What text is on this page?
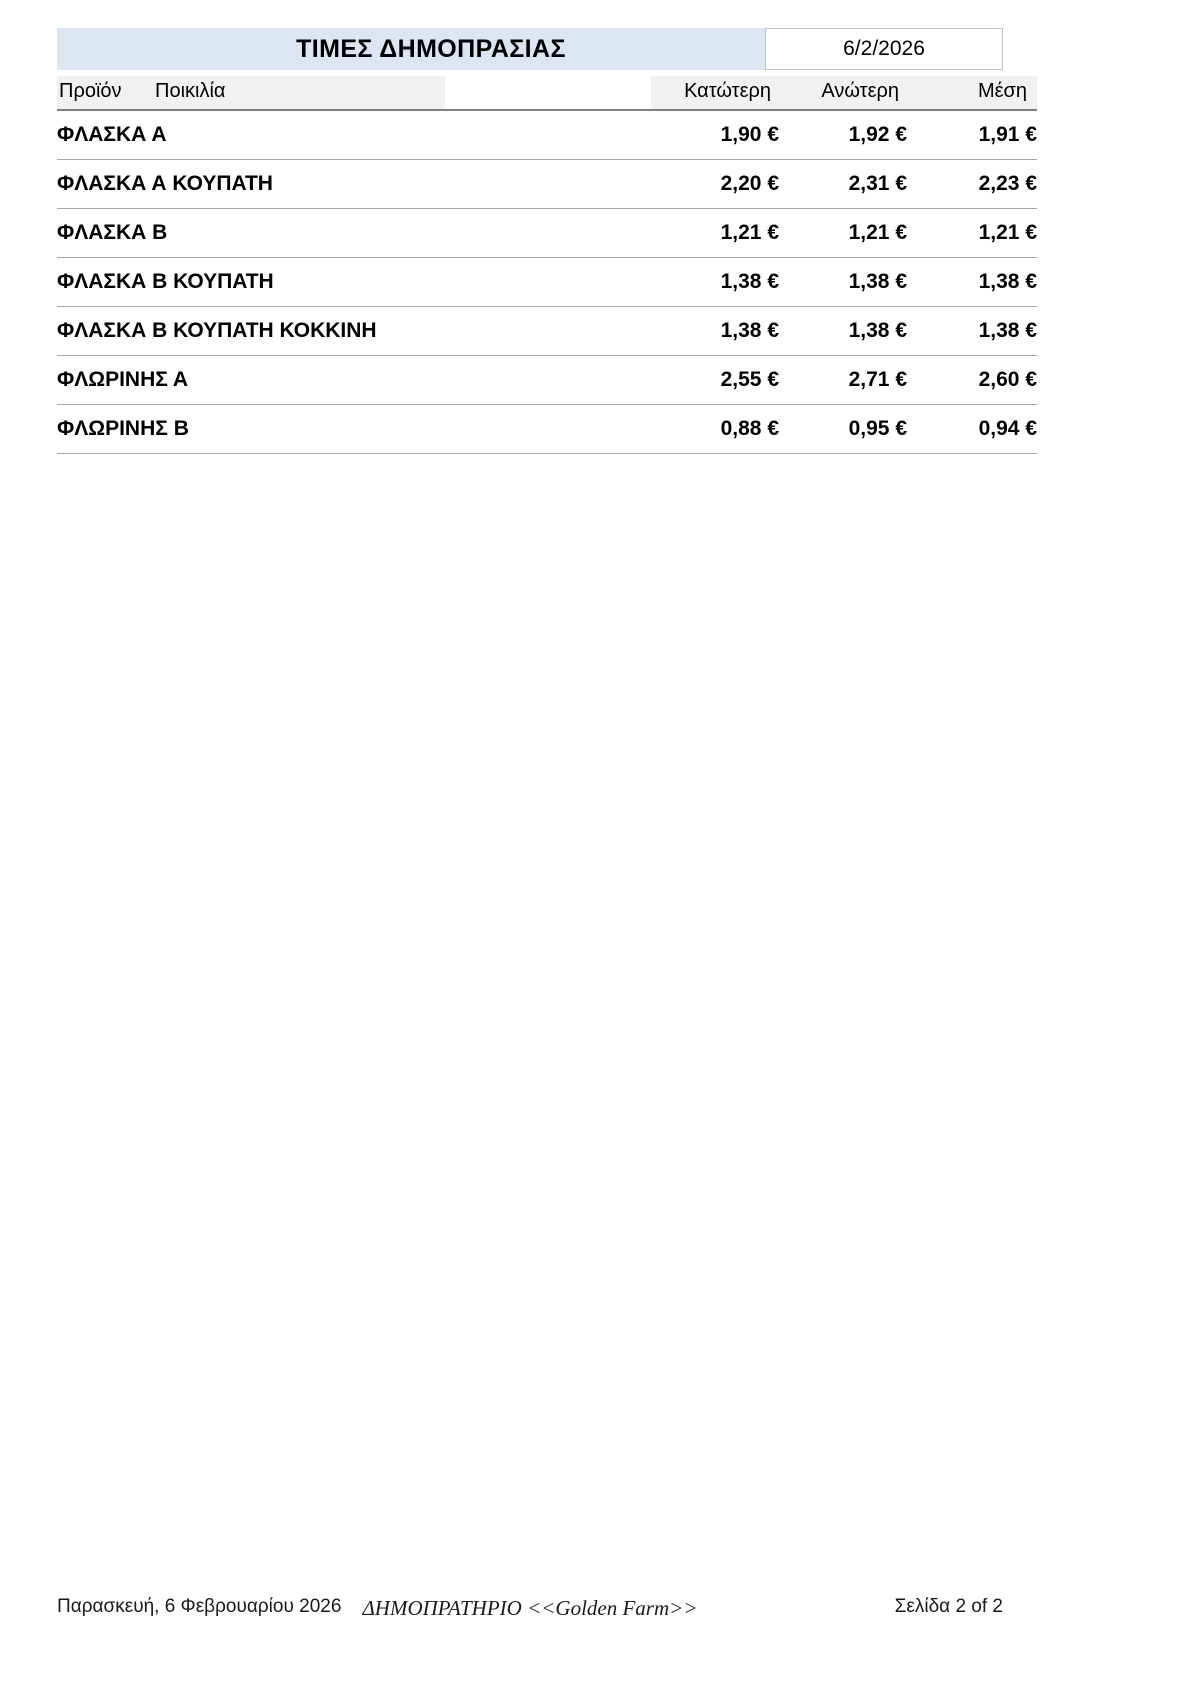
ΤΙΜΕΣ ΔΗΜΟΠΡΑΣΙΑΣ	6/2/2026
Προϊόν	Ποικιλία		Κατώτερη	Ανώτερη	Μέση
ΦΛΑΣΚΑ Α			1,90 €	1,92 €	1,91 €
ΦΛΑΣΚΑ Α ΚΟΥΠΑΤΗ			2,20 €	2,31 €	2,23 €
ΦΛΑΣΚΑ Β			1,21 €	1,21 €	1,21 €
ΦΛΑΣΚΑ Β ΚΟΥΠΑΤΗ			1,38 €	1,38 €	1,38 €
ΦΛΑΣΚΑ Β ΚΟΥΠΑΤΗ ΚΟΚΚΙΝΗ			1,38 €	1,38 €	1,38 €
ΦΛΩΡΙΝΗΣ Α			2,55 €	2,71 €	2,60 €
ΦΛΩΡΙΝΗΣ Β			0,88 €	0,95 €	0,94 €
Παρασκευή, 6 Φεβρουαρίου 2026	ΔΗΜΟΠΡΑΤΗΡΙΟ <<Golden Farm>>	Σελίδα 2 of 2
